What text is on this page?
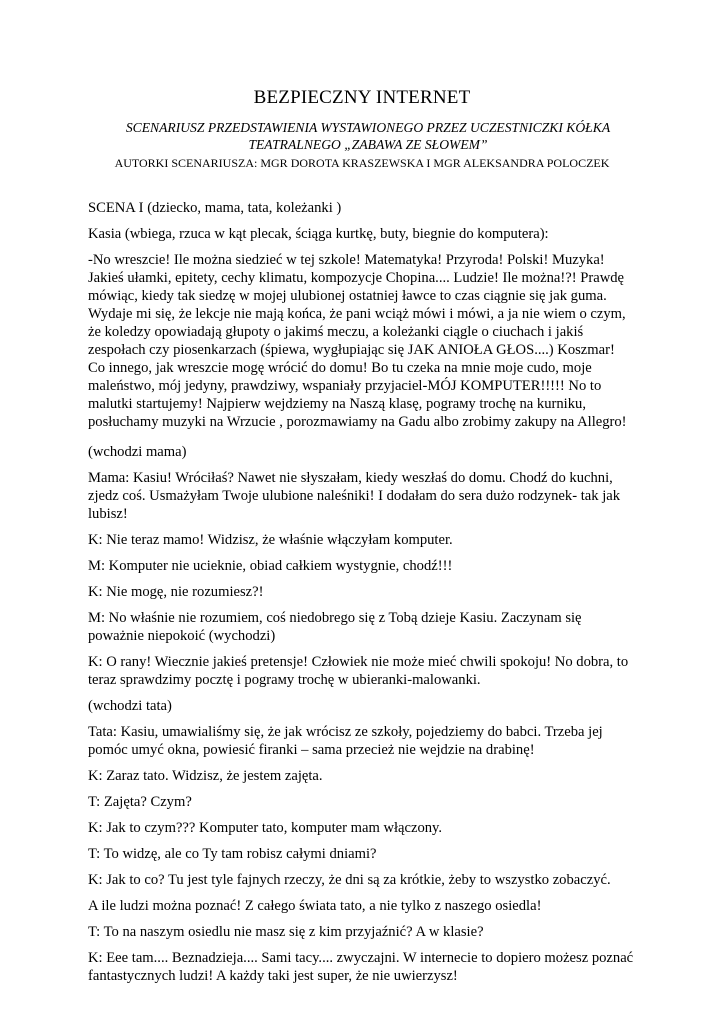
BEZPIECZNY INTERNET
SCENARIUSZ PRZEDSTAWIENIA WYSTAWIONEGO PRZEZ UCZESTNICZKI KÓŁKA
TEATRALNEGO „ZABAWA ZE SŁOWEM”
AUTORKI SCENARIUSZA: MGR DOROTA KRASZEWSKA I MGR ALEKSANDRA POLOCZEK
SCENA I (dziecko, mama, tata, koleżanki )
Kasia (wbiega, rzuca w kąt plecak, ściąga kurtkę, buty, biegnie do komputera):
-No wreszcie! Ile można siedzieć w tej szkole! Matematyka! Przyroda! Polski! Muzyka!
Jakieś ułamki, epitety, cechy klimatu, kompozycje Chopina.... Ludzie! Ile można!?! Prawdę
mówiąc, kiedy tak siedzę w mojej ulubionej ostatniej ławce to czas ciągnie się jak guma.
Wydaje mi się, że lekcje nie mają końca, że pani wciąż mówi i mówi, a ja nie wiem o czym,
że koledzy opowiadają głupoty o jakimś meczu, a koleżanki ciągle o ciuchach i jakiś
zespołach czy piosenkarzach (śpiewa, wygłupiając się JAK ANIOŁA GŁOS....) Koszmar!
Co innego, jak wreszcie mogę wrócić do domu! Bo tu czeka na mnie moje cudo, moje
maleństwo, mój jedyny, prawdziwy, wspaniały przyjaciel-MÓJ KOMPUTER!!!!! No to
malutki startujemy! Najpierw wejdziemy na Naszą klasę, pograмy trochę na kurniku,
posłuchamy muzyki na Wrzucie , porozmawiamy na Gadu albo zrobimy zakupy na Allegro!
(wchodzi mama)
Mama: Kasiu! Wróciłaś? Nawet nie słyszałam, kiedy weszłaś do domu. Chodź do kuchni,
zjedz coś. Usmażyłam Twoje ulubione naleśniki! I dodałam do sera dużo rodzynek- tak jak
lubisz!
K: Nie teraz mamo! Widzisz, że właśnie włączyłam komputer.
M: Komputer nie ucieknie, obiad całkiem wystygnie, chodź!!!
K: Nie mogę, nie rozumiesz?!
M: No właśnie nie rozumiem, coś niedobrego się z Tobą dzieje Kasiu. Zaczynam się
poważnie niepokoić (wychodzi)
K: O rany! Wiecznie jakieś pretensje! Człowiek nie może mieć chwili spokoju! No dobra, to
teraz sprawdzimy pocztę i pograмy trochę w ubieranki-malowanki.
(wchodzi tata)
Tata: Kasiu, umawialiśmy się, że jak wrócisz ze szkoły, pojedziemy do babci. Trzeba jej
pomóc umyć okna, powiesić firanki – sama przecież nie wejdzie na drabinę!
K: Zaraz tato. Widzisz, że jestem zajęta.
T: Zajęta? Czym?
K: Jak to czym??? Komputer tato, komputer mam włączony.
T: To widzę, ale co Ty tam robisz całymi dniami?
K: Jak to co? Tu jest tyle fajnych rzeczy, że dni są za krótkie, żeby to wszystko zobaczyć.
A ile ludzi można poznać! Z całego świata tato, a nie tylko z naszego osiedla!
T: To na naszym osiedlu nie masz się z kim przyjaźnić? A w klasie?
K: Eee tam.... Beznadzieja.... Sami tacy.... zwyczajni. W internecie to dopiero możesz poznać
fantastycznych ludzi! A każdy taki jest super, że nie uwierzysz!
